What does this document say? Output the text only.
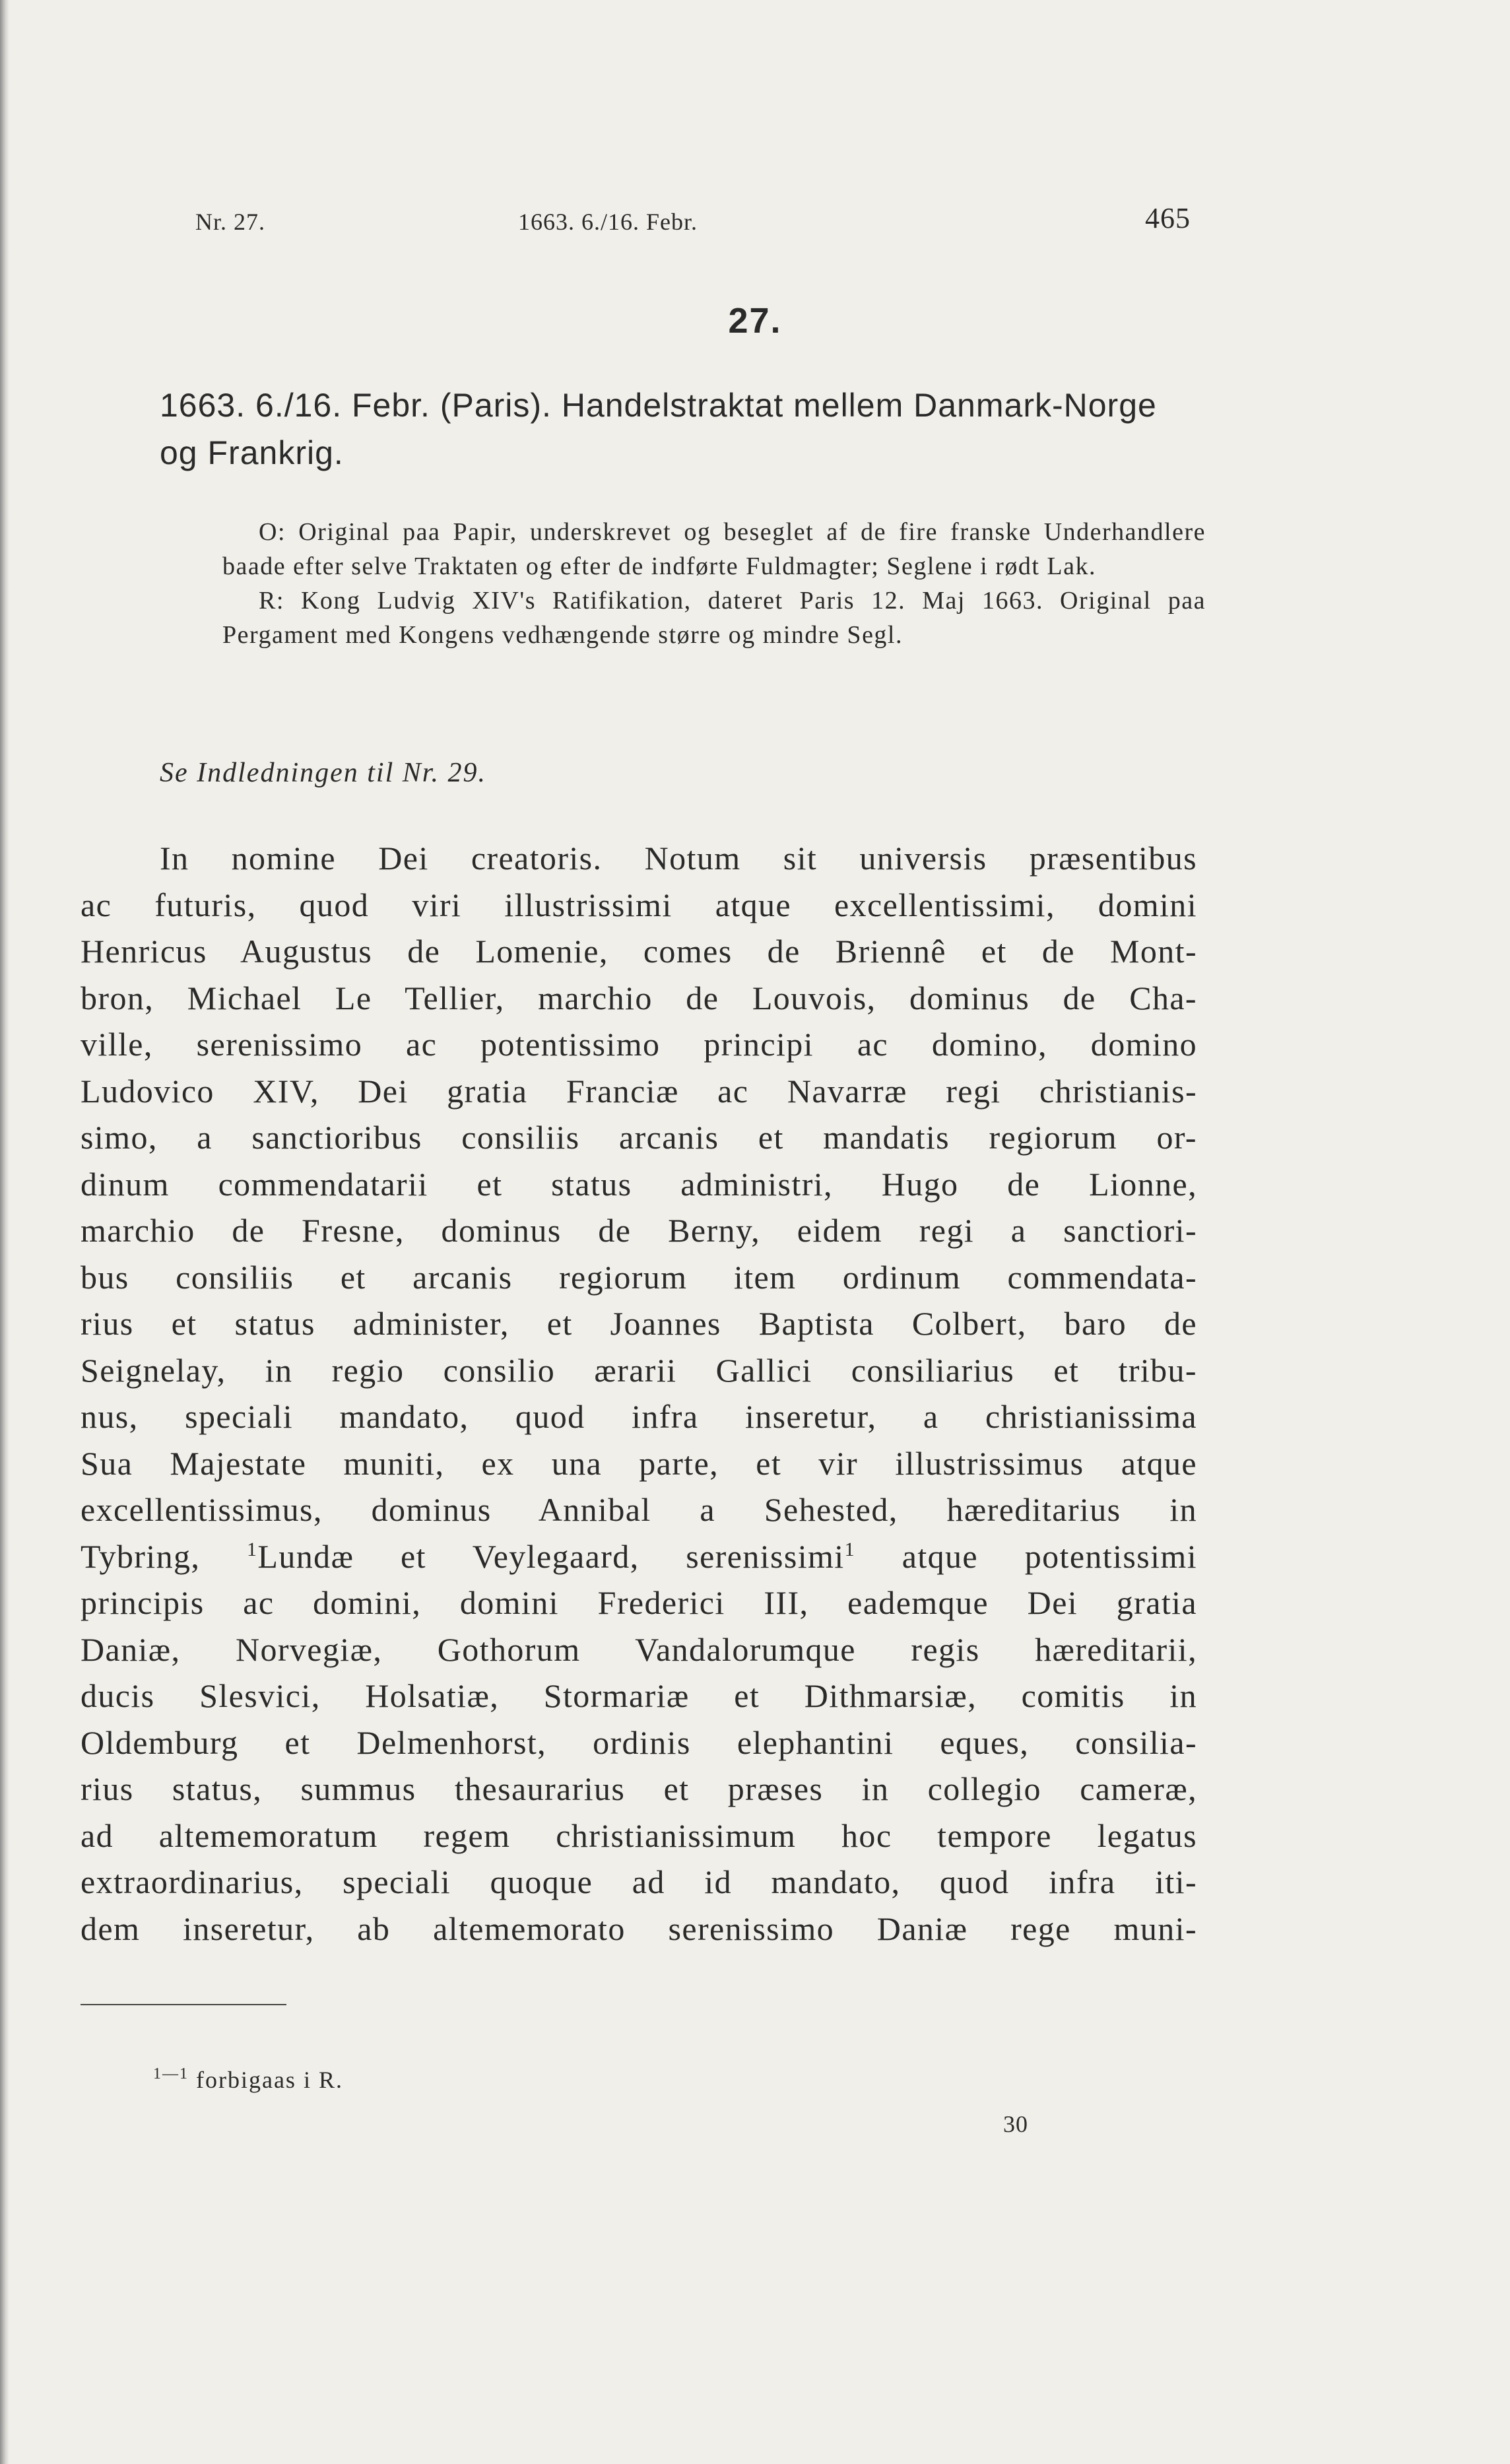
Nr. 27.	1663. 6./16. Febr.	465
27.
1663. 6./16. Febr. (Paris). Handelstraktat mellem Danmark-Norge
og Frankrig.

O: Original paa Papir, underskrevet og beseglet af de fire franske Underhandlere baade efter selve Traktaten og efter de indførte Fuldmagter; Seglene i rødt Lak.

R: Kong Ludvig XIV's Ratifikation, dateret Paris 12. Maj 1663. Original paa Pergament med Kongens vedhængende større og mindre Segl.

Se Indledningen til Nr. 29.
In nomine Dei creatoris. Notum sit universis præsentibus
ac futuris, quod viri illustrissimi atque excellentissimi, domini
Henricus Augustus de Lomenie, comes de Briennê et de Mont-
bron, Michael Le Tellier, marchio de Louvois, dominus de Cha-
ville, serenissimo ac potentissimo principi ac domino, domino
Ludovico XIV, Dei gratia Franciæ ac Navarræ regi christianis-
simo, a sanctioribus consiliis arcanis et mandatis regiorum or-
dinum commendatarii et status administri, Hugo de Lionne,
marchio de Fresne, dominus de Berny, eidem regi a sanctiori-
bus consiliis et arcanis regiorum item ordinum commendata-
rius et status administer, et Joannes Baptista Colbert, baro de
Seignelay, in regio consilio ærarii Gallici consiliarius et tribu-
nus, speciali mandato, quod infra inseretur, a christianissima
Sua Majestate muniti, ex una parte, et vir illustrissimus atque
excellentissimus, dominus Annibal a Sehested, hæreditarius in
Tybring, $^1$Lundæ et Veylegaard, serenissimi$^1$ atque potentissimi
principis ac domini, domini Frederici III, eademque Dei gratia
Daniæ, Norvegiæ, Gothorum Vandalorumque regis hæreditarii,
ducis Slesvici, Holsatiæ, Stormariæ et Dithmarsiæ, comitis in
Oldemburg et Delmenhorst, ordinis elephantini eques, consilia-
rius status, summus thesaurarius et præses in collegio cameræ,
ad altememoratum regem christianissimum hoc tempore legatus
extraordinarius, speciali quoque ad id mandato, quod infra iti-
dem inseretur, ab altememorato serenissimo Daniæ rege muni-
$^{1—1}$ forbigaas i R.
30
